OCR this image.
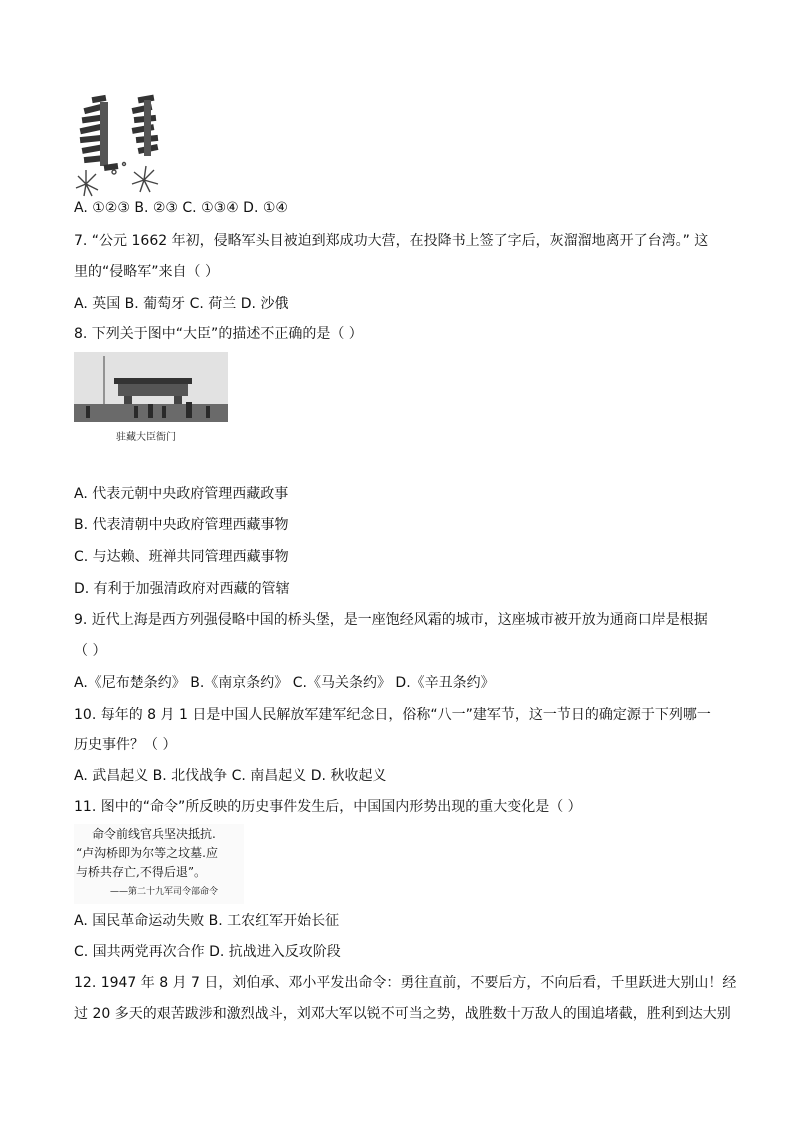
A. ①②③ B. ②③ C. ①③④ D. ①④
7. “公元 1662 年初，侵略军头目被迫到郑成功大营，在投降书上签了字后，灰溜溜地离开了台湾。” 这
里的“侵略军”来自（ ）
A. 英国 B. 葡萄牙 C. 荷兰 D. 沙俄
8. 下列关于图中“大臣”的描述不正确的是（ ）
驻藏大臣衙门
A. 代表元朝中央政府管理西藏政事
B. 代表清朝中央政府管理西藏事物
C. 与达赖、班禅共同管理西藏事物
D. 有利于加强清政府对西藏的管辖
9. 近代上海是西方列强侵略中国的桥头堡，是一座饱经风霜的城市，这座城市被开放为通商口岸是根据
（ ）
A.《尼布楚条约》 B.《南京条约》 C.《马关条约》 D.《辛丑条约》
10. 每年的 8 月 1 日是中国人民解放军建军纪念日，俗称“八一”建军节，这一节日的确定源于下列哪一
历史事件？（ ）
A. 武昌起义 B. 北伐战争 C. 南昌起义 D. 秋收起义
11. 图中的“命令”所反映的历史事件发生后，中国国内形势出现的重大变化是（ ）
命令前线官兵坚决抵抗.
“卢沟桥即为尔等之坟墓.应
与桥共存亡,不得后退”。
——第二十九军司令部命令
A. 国民革命运动失败 B. 工农红军开始长征
C. 国共两党再次合作 D. 抗战进入反攻阶段
12. 1947 年 8 月 7 日，刘伯承、邓小平发出命令：勇往直前，不要后方，不向后看，千里跃进大别山！经
过 20 多天的艰苦跋涉和激烈战斗，刘邓大军以锐不可当之势，战胜数十万敌人的围追堵截，胜利到达大别
